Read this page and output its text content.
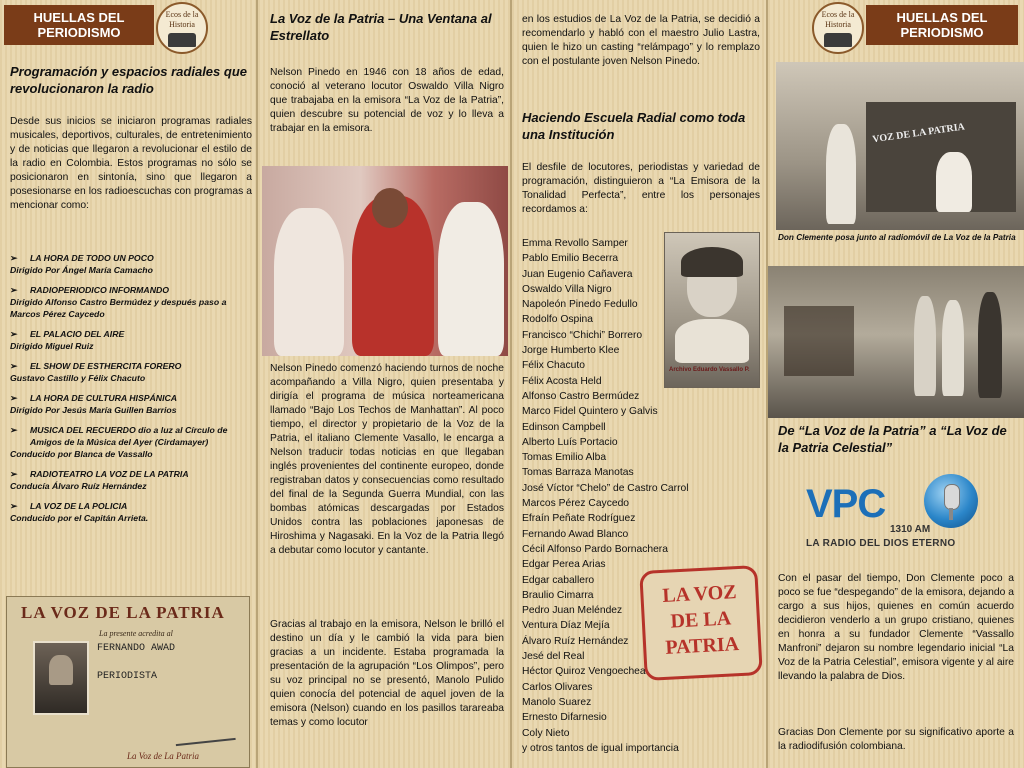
HUELLAS DEL PERIODISMO
Ecos de la Historia
Programación y espacios radiales que revolucionaron la radio
Desde sus inicios se iniciaron programas radiales musicales, deportivos, culturales, de entretenimiento y de noticias que llegaron a revolucionar el estilo de la radio en Colombia. Estos programas no sólo se posicionaron en sintonía, sino que llegaron a posesionarse en los radioescuchas con programas a mencionar como:
➢ LA HORA DE TODO UN POCO
Dirigido Por Ángel María Camacho
➢ RADIOPERIODICO INFORMANDO
Dirigido Alfonso Castro Bermúdez y después paso a Marcos Pérez Caycedo
➢ EL PALACIO DEL AIRE
Dirigido Miguel Ruiz
➢ EL SHOW DE ESTHERCITA FORERO
Gustavo Castillo y Félix Chacuto
➢ LA HORA DE CULTURA HISPÁNICA
Dirigido Por Jesús María Guillen Barrios
➢ MUSICA DEL RECUERDO dio a luz al Círculo de Amigos de la Música del Ayer (Cirdamayer)
Conducido por Blanca de Vassallo
➢ RADIOTEATRO LA VOZ DE LA PATRIA
Conducía Álvaro Ruíz Hernández
➢ LA VOZ DE LA POLICIA
Conducido por el Capitán Arrieta.
LA VOZ DE LA PATRIA
La presente acredita al
FERNANDO AWAD
PERIODISTA
La Voz de La Patria
La Voz de la Patria – Una Ventana al Estrellato
Nelson Pinedo en 1946 con 18 años de edad, conoció al veterano locutor Oswaldo Villa Nigro que trabajaba en la emisora “La Voz de la Patria”, quien descubre su potencial de voz y lo lleva a trabajar en la emisora.
Nelson Pinedo comenzó haciendo turnos de noche acompañando a Villa Nigro, quien presentaba y dirigía el programa de música norteamericana llamado “Bajo Los Techos de Manhattan”. Al poco tiempo, el director y propietario de la Voz de la Patria, el italiano Clemente Vasallo, le encarga a Nelson traducir todas noticias en que llegaban inglés provenientes del continente europeo, donde registraban datos y consecuencias como resultado del final de la Segunda Guerra Mundial, con las bombas atómicas descargadas por Estados Unidos contra las poblaciones japonesas de Hiroshima y Nagasaki. En la Voz de la Patria llegó a debutar como locutor y cantante.
Gracias al trabajo en la emisora, Nelson le brilló el destino un día y le cambió la vida para bien gracias a un incidente. Estaba programada la presentación de la agrupación “Los Olimpos”, pero su voz principal no se presentó, Manolo Pulido quien conocía del potencial de aquel joven de la emisora (Nelson) cuando en los pasillos tarareaba temas y como locutor
en los estudios de La Voz de la Patria, se decidió a recomendarlo y habló con el maestro Julio Lastra, quien le hizo un casting “relámpago” y lo remplazo con el postulante joven Nelson Pinedo.
Haciendo Escuela Radial como toda una Institución
El desfile de locutores, periodistas y variedad de programación, distinguieron a “La Emisora de la Tonalidad Perfecta”, entre los personajes recordamos a:
Archivo Eduardo Vassallo P.
LA VOZ
DE LA
PATRIA
Emma Revollo Samper
Pablo Emilio Becerra
Juan Eugenio Cañavera
Oswaldo Villa Nigro
Napoleón Pinedo Fedullo
Rodolfo Ospina
Francisco “Chichi” Borrero
Jorge Humberto Klee
Félix Chacuto
Félix Acosta Held
Alfonso Castro Bermúdez
Marco Fidel Quintero y Galvis
Edinson Campbell
Alberto Luís Portacio
Tomas Emilio Alba
Tomas Barraza Manotas
José Víctor “Chelo” de Castro Carrol
Marcos Pérez Caycedo
Efraín Peñate Rodríguez
Fernando Awad Blanco
Cécil Alfonso Pardo Bornachera
Edgar Perea Arias
Edgar caballero
Braulio Cimarra
Pedro Juan Meléndez
Ventura Díaz Mejía
Álvaro Ruíz Hernández
Jesé del Real
Héctor Quiroz Vengoechea
Carlos Olivares
Manolo Suarez
Ernesto Difarnesio
Coly Nieto
y otros tantos de igual importancia
Ecos de la Historia	HUELLAS DEL PERIODISMO
VOZ DE LA PATRIA
Don Clemente posa junto al radiomóvil de La Voz de la Patria
De “La Voz de la Patria” a “La Voz de la Patria Celestial”
VPC
1310 AM
LA RADIO DEL DIOS ETERNO
Con el pasar del tiempo, Don Clemente poco a poco se fue “despegando” de la emisora, dejando a cargo a sus hijos, quienes en común acuerdo decidieron venderlo a un grupo cristiano, quienes en honra a su fundador Clemente “Vassallo Manfroni” dejaron su nombre legendario inicial “La Voz de la Patria Celestial”, emisora vigente y al aire llevando la palabra de Dios.
Gracias Don Clemente por su significativo aporte a la radiodifusión colombiana.
